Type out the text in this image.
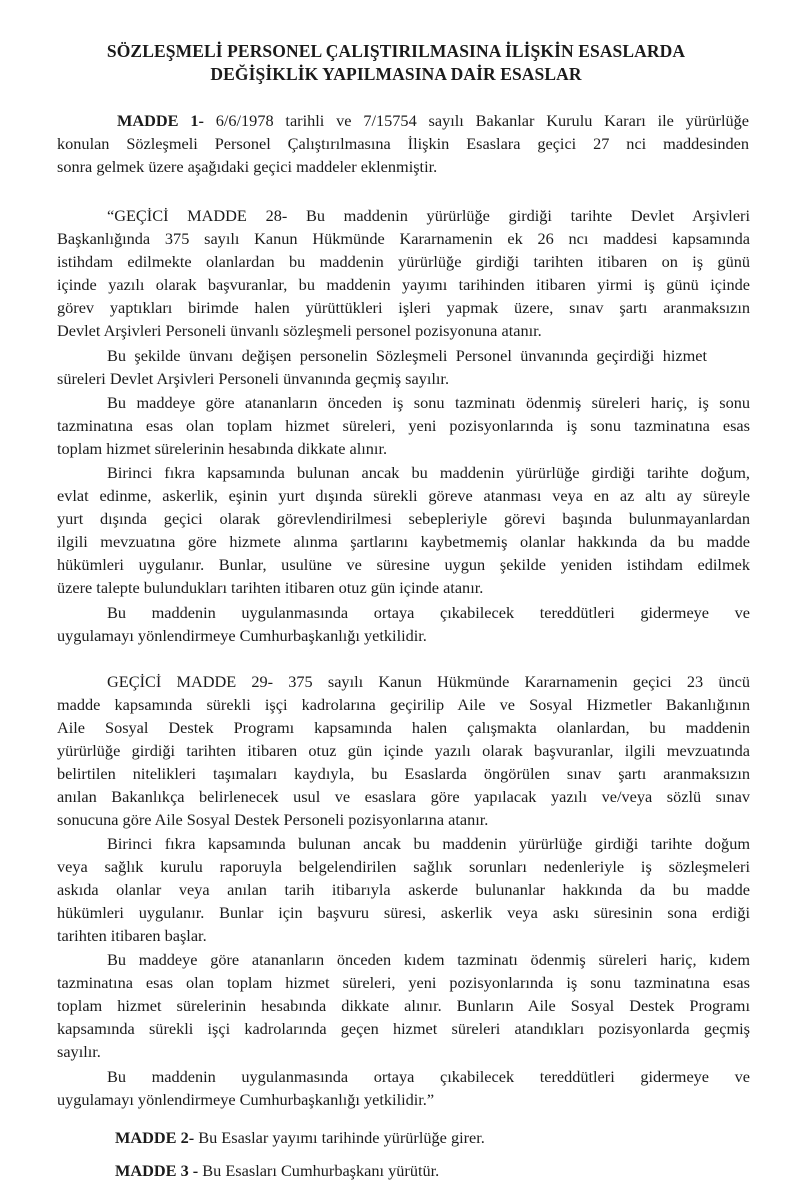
SÖZLEŞMELİ PERSONEL ÇALIŞTIRILMASINA İLİŞKİN ESASLARDA
DEĞİŞİKLİK YAPILMASINA DAİR ESASLAR
MADDE 1- 6/6/1978 tarihli ve 7/15754 sayılı Bakanlar Kurulu Kararı ile yürürlüğe
konulan Sözleşmeli Personel Çalıştırılmasına İlişkin Esaslara geçici 27 nci maddesinden
sonra gelmek üzere aşağıdaki geçici maddeler eklenmiştir.
“GEÇİCİ MADDE 28- Bu maddenin yürürlüğe girdiği tarihte Devlet Arşivleri
Başkanlığında 375 sayılı Kanun Hükmünde Kararnamenin ek 26 ncı maddesi kapsamında
istihdam edilmekte olanlardan bu maddenin yürürlüğe girdiği tarihten itibaren on iş günü
içinde yazılı olarak başvuranlar, bu maddenin yayımı tarihinden itibaren yirmi iş günü içinde
görev yaptıkları birimde halen yürüttükleri işleri yapmak üzere, sınav şartı aranmaksızın
Devlet Arşivleri Personeli ünvanlı sözleşmeli personel pozisyonuna atanır.
Bu şekilde ünvanı değişen personelin Sözleşmeli Personel ünvanında geçirdiği hizmet
süreleri Devlet Arşivleri Personeli ünvanında geçmiş sayılır.
Bu maddeye göre atananların önceden iş sonu tazminatı ödenmiş süreleri hariç, iş sonu
tazminatına esas olan toplam hizmet süreleri, yeni pozisyonlarında iş sonu tazminatına esas
toplam hizmet sürelerinin hesabında dikkate alınır.
Birinci fıkra kapsamında bulunan ancak bu maddenin yürürlüğe girdiği tarihte doğum,
evlat edinme, askerlik, eşinin yurt dışında sürekli göreve atanması veya en az altı ay süreyle
yurt dışında geçici olarak görevlendirilmesi sebepleriyle görevi başında bulunmayanlardan
ilgili mevzuatına göre hizmete alınma şartlarını kaybetmemiş olanlar hakkında da bu madde
hükümleri uygulanır. Bunlar, usulüne ve süresine uygun şekilde yeniden istihdam edilmek
üzere talepte bulundukları tarihten itibaren otuz gün içinde atanır.
Bu maddenin uygulanmasında ortaya çıkabilecek tereddütleri gidermeye ve
uygulamayı yönlendirmeye Cumhurbaşkanlığı yetkilidir.
GEÇİCİ MADDE 29- 375 sayılı Kanun Hükmünde Kararnamenin geçici 23 üncü
madde kapsamında sürekli işçi kadrolarına geçirilip Aile ve Sosyal Hizmetler Bakanlığının
Aile Sosyal Destek Programı kapsamında halen çalışmakta olanlardan, bu maddenin
yürürlüğe girdiği tarihten itibaren otuz gün içinde yazılı olarak başvuranlar, ilgili mevzuatında
belirtilen nitelikleri taşımaları kaydıyla, bu Esaslarda öngörülen sınav şartı aranmaksızın
anılan Bakanlıkça belirlenecek usul ve esaslara göre yapılacak yazılı ve/veya sözlü sınav
sonucuna göre Aile Sosyal Destek Personeli pozisyonlarına atanır.
Birinci fıkra kapsamında bulunan ancak bu maddenin yürürlüğe girdiği tarihte doğum
veya sağlık kurulu raporuyla belgelendirilen sağlık sorunları nedenleriyle iş sözleşmeleri
askıda olanlar veya anılan tarih itibarıyla askerde bulunanlar hakkında da bu madde
hükümleri uygulanır. Bunlar için başvuru süresi, askerlik veya askı süresinin sona erdiği
tarihten itibaren başlar.
Bu maddeye göre atananların önceden kıdem tazminatı ödenmiş süreleri hariç, kıdem
tazminatına esas olan toplam hizmet süreleri, yeni pozisyonlarında iş sonu tazminatına esas
toplam hizmet sürelerinin hesabında dikkate alınır. Bunların Aile Sosyal Destek Programı
kapsamında sürekli işçi kadrolarında geçen hizmet süreleri atandıkları pozisyonlarda geçmiş
sayılır.
Bu maddenin uygulanmasında ortaya çıkabilecek tereddütleri gidermeye ve
uygulamayı yönlendirmeye Cumhurbaşkanlığı yetkilidir.”
MADDE 2- Bu Esaslar yayımı tarihinde yürürlüğe girer.
MADDE 3 - Bu Esasları Cumhurbaşkanı yürütür.
